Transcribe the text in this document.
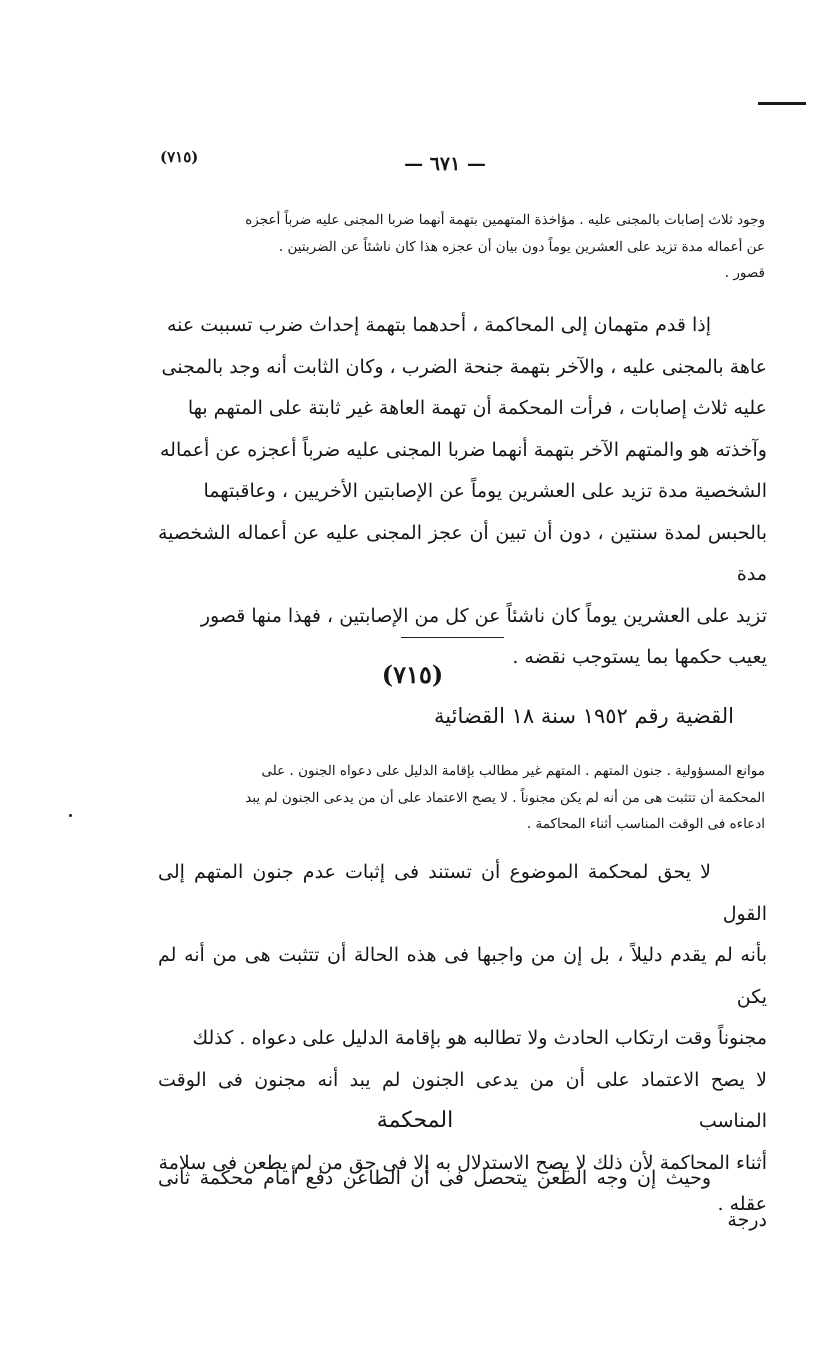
(٧١٥)	— ٦٧١ —

وجود ثلاث إصابات بالمجنى عليه . مؤاخذة المتهمين بتهمة أنهما ضربا المجنى عليه ضرباً أعجزه

عن أعماله مدة تزيد على العشرين يوماً دون بيان أن عجزه هذا كان ناشئاً عن الضربتين .

قصور .

إذا قدم متهمان إلى المحاكمة ، أحدهما بتهمة إحداث ضرب تسببت عنه

عاهة بالمجنى عليه ، والآخر بتهمة جنحة الضرب ، وكان الثابت أنه وجد بالمجنى

عليه ثلاث إصابات ، فرأت المحكمة أن تهمة العاهة غير ثابتة على المتهم بها

وآخذته هو والمتهم الآخر بتهمة أنهما ضربا المجنى عليه ضرباً أعجزه عن أعماله

الشخصية مدة تزيد على العشرين يوماً عن الإصابتين الأخريين ، وعاقبتهما

بالحبس لمدة سنتين ، دون أن تبين أن عجز المجنى عليه عن أعماله الشخصية مدة

تزيد على العشرين يوماً كان ناشئاً عن كل من الإصابتين ، فهذا منها قصور

يعيب حكمها بما يستوجب نقضه .

(٧١٥)
القضية رقم ١٩٥٢ سنة ١٨ القضائية

موانع المسؤولية . جنون المتهم . المتهم غير مطالب بإقامة الدليل على دعواه الجنون . على

المحكمة أن تتثبت هى من أنه لم يكن مجنوناً . لا يصح الاعتماد على أن من يدعى الجنون لم يبد

ادعاءه فى الوقت المناسب أثناء المحاكمة .

لا يحق لمحكمة الموضوع أن تستند فى إثبات عدم جنون المتهم إلى القول

بأنه لم يقدم دليلاً ، بل إن من واجبها فى هذه الحالة أن تتثبت هى من أنه لم يكن

مجنوناً وقت ارتكاب الحادث ولا تطالبه هو بإقامة الدليل على دعواه . كذلك

لا يصح الاعتماد على أن من يدعى الجنون لم يبد أنه مجنون فى الوقت المناسب

أثناء المحاكمة لأن ذلك لا يصح الاستدلال به إلا فى حق من لم يطعن فى سلامة

عقله .

المحكمة

وحيث إن وجه الطعن يتحصل فى أن الطاعن دفع أمام محكمة ثانى درجة
